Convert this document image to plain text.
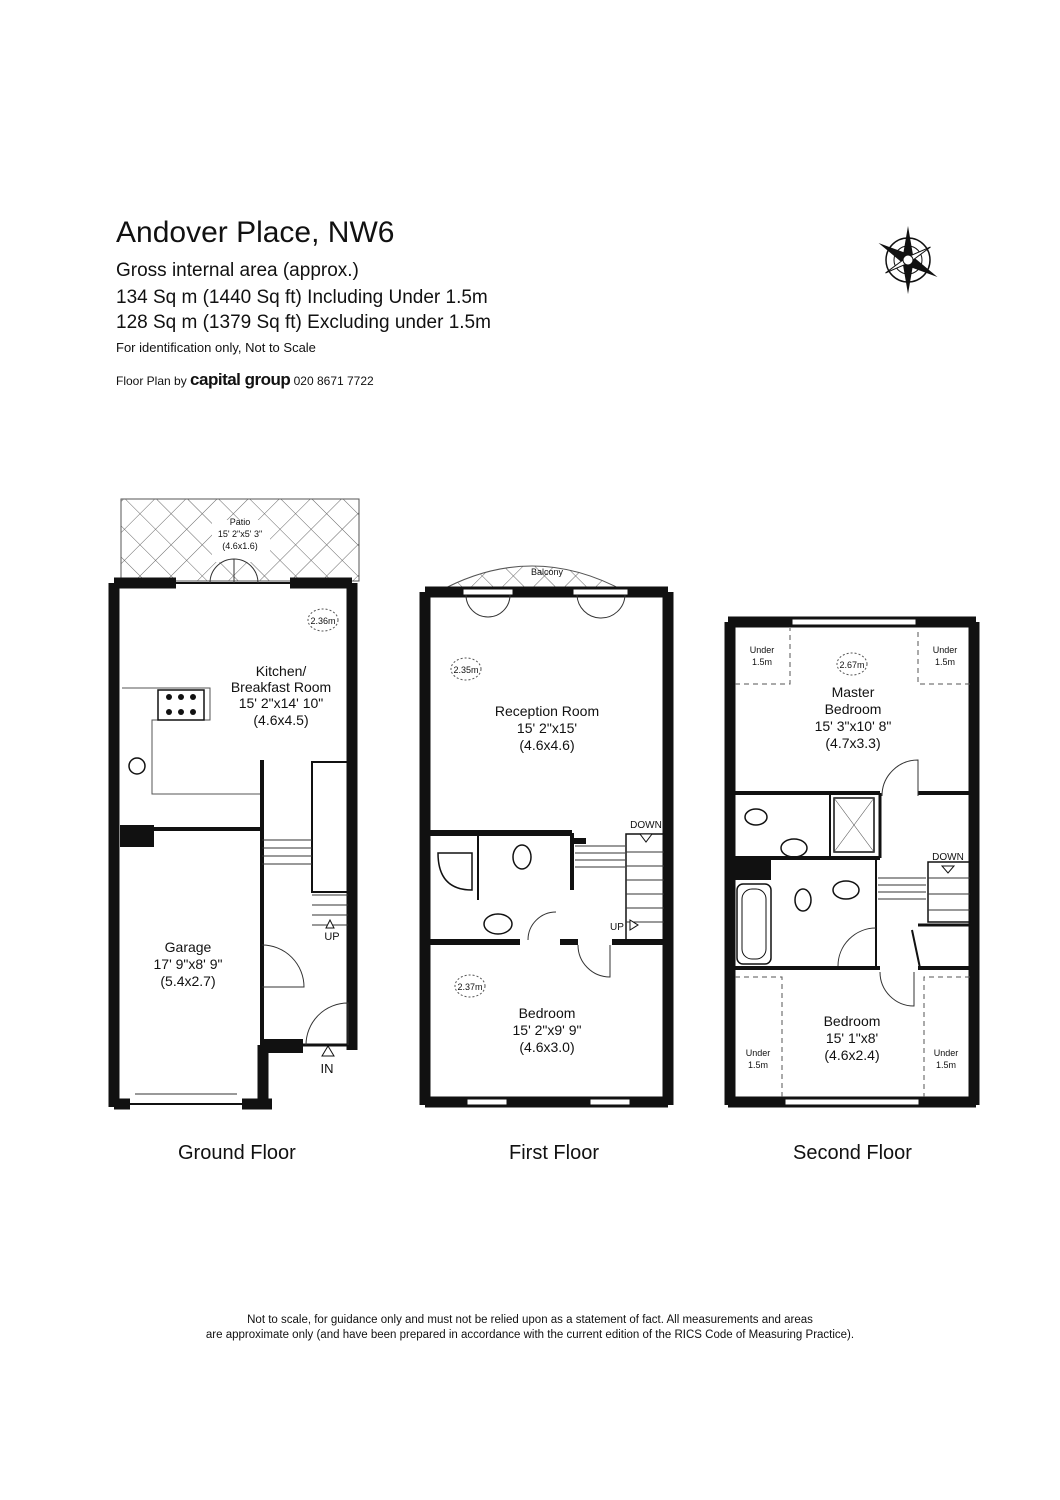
Andover Place, NW6
Gross internal area (approx.)
134 Sq m (1440 Sq ft) Including Under 1.5m
128 Sq m (1379 Sq ft) Excluding under 1.5m
For identification only, Not to Scale
Floor Plan by capital group 020 8671 7722
Patio
15' 2"x5' 3"
(4.6x1.6)
2.36m
Kitchen/
Breakfast Room
15' 2"x14' 10"
(4.6x4.5)
Garage
17' 9"x8' 9"
(5.4x2.7)
UP
IN
Balcony
2.35m
Reception Room
15' 2"x15'
(4.6x4.6)
DOWN
UP
2.37m
Bedroom
15' 2"x9' 9"
(4.6x3.0)
Under
1.5m
Under
1.5m
2.67m
Master
Bedroom
15' 3"x10' 8"
(4.7x3.3)
DOWN
Bedroom
15' 1"x8'
(4.6x2.4)
Under
1.5m
Under
1.5m
Ground Floor	First Floor	Second Floor
Not to scale, for guidance only and must not be relied upon as a statement of fact. All measurements and areas
are approximate only (and have been prepared in accordance with the current edition of the RICS Code of Measuring Practice).
